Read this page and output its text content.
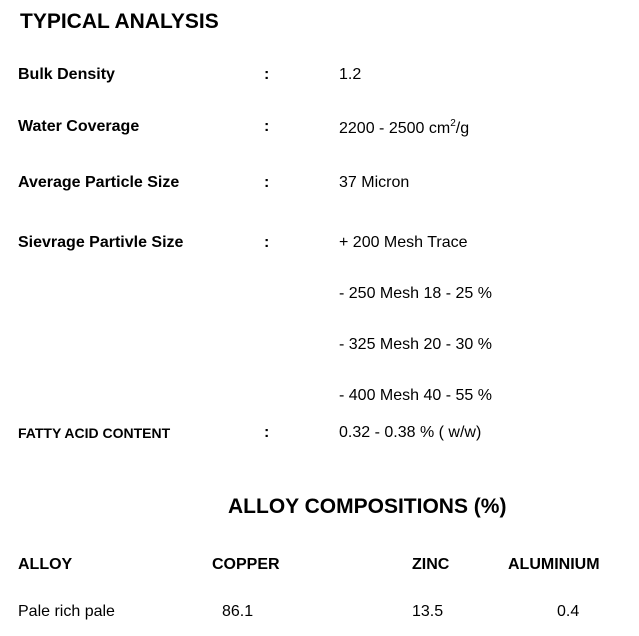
TYPICAL ANALYSIS
Bulk Density	:	1.2
Water Coverage	:	2200 - 2500 $cm^2/g$
Average Particle Size	:	37 Micron
Sievrage Partivle Size	:	+ 200 Mesh Trace
- 250 Mesh 18 - 25 %
- 325 Mesh 20 - 30 %
- 400 Mesh 40 - 55 %
FATTY ACID CONTENT	:	0.32 - 0.38 % ( w/w)
ALLOY COMPOSITIONS (%)
ALLOY	COPPER	ZINC	ALUMINIUM
Pale rich pale	86.1	13.5	0.4
